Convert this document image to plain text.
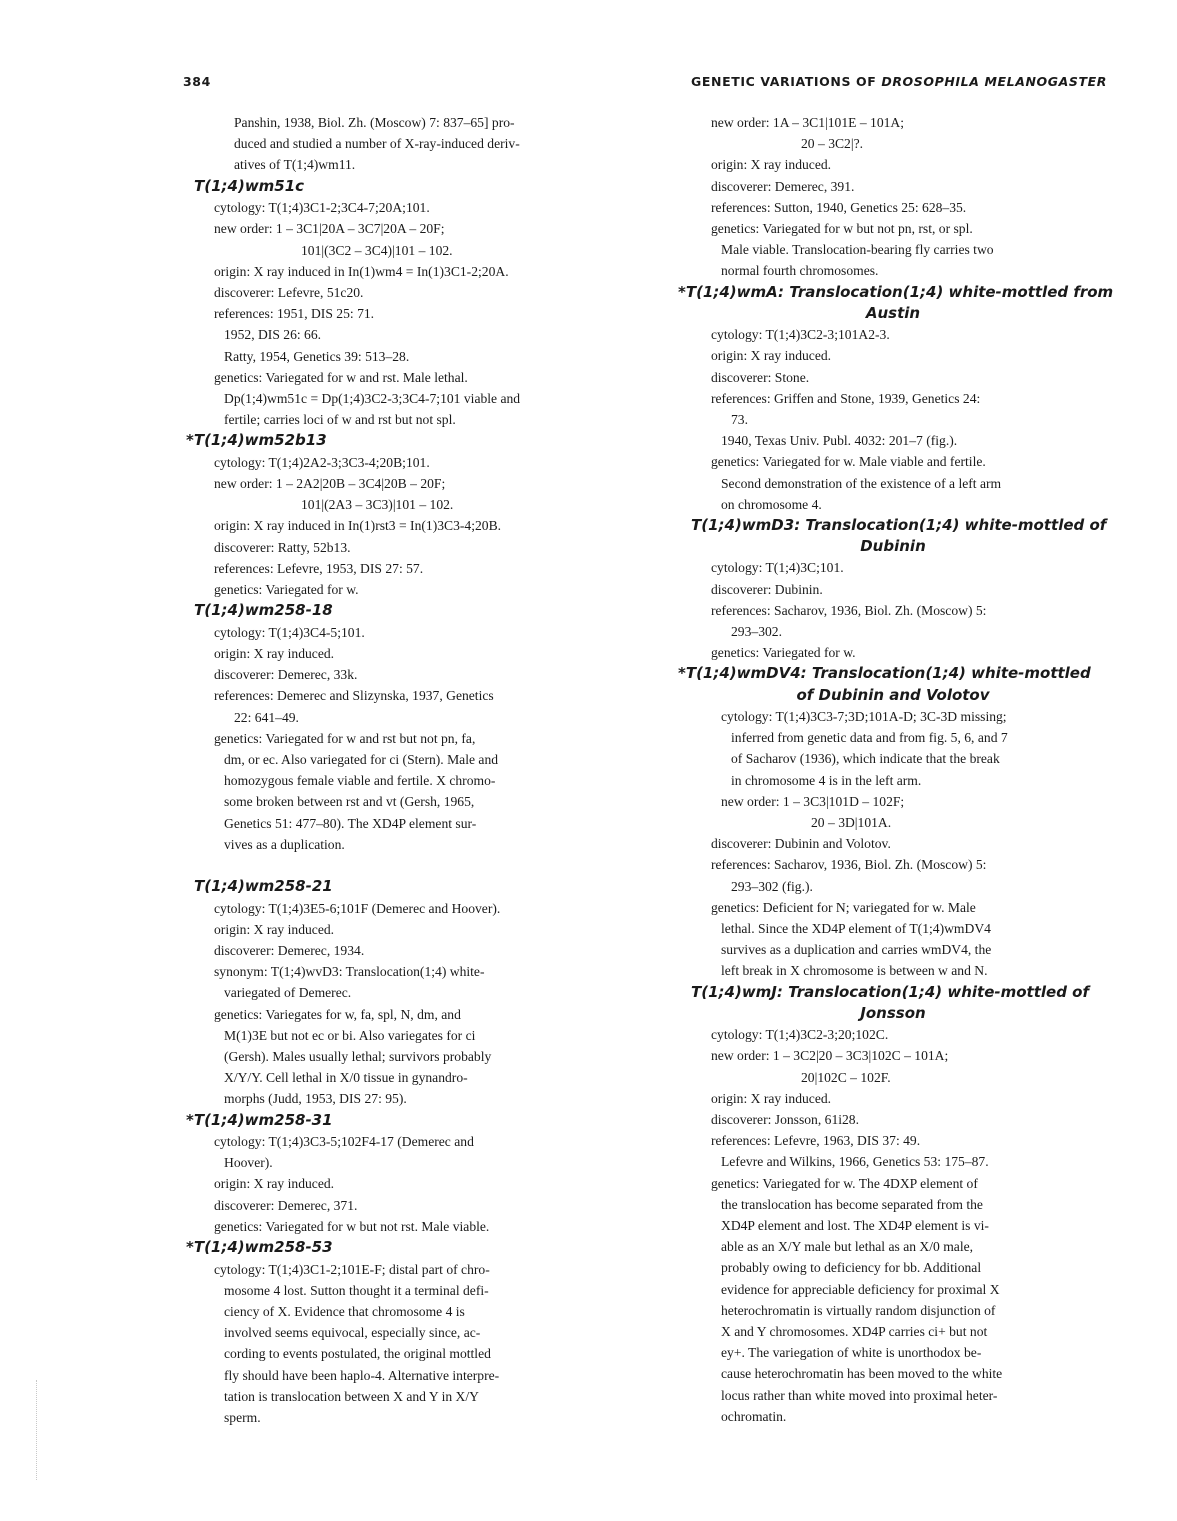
384	GENETIC VARIATIONS OF DROSOPHILA MELANOGASTER
Panshin, 1938, Biol. Zh. (Moscow) 7: 837–65] pro-
duced and studied a number of X-ray-induced deriv-
atives of T(1;4)wm11.
T(1;4)wm51c
cytology: T(1;4)3C1-2;3C4-7;20A;101.
new order: 1 – 3C1|20A – 3C7|20A – 20F;
101|(3C2 – 3C4)|101 – 102.
origin: X ray induced in In(1)wm4 = In(1)3C1-2;20A.
discoverer: Lefevre, 51c20.
references: 1951, DIS 25: 71.
1952, DIS 26: 66.
Ratty, 1954, Genetics 39: 513–28.
genetics: Variegated for w and rst. Male lethal.
Dp(1;4)wm51c = Dp(1;4)3C2-3;3C4-7;101 viable and
fertile; carries loci of w and rst but not spl.
*T(1;4)wm52b13
cytology: T(1;4)2A2-3;3C3-4;20B;101.
new order: 1 – 2A2|20B – 3C4|20B – 20F;
101|(2A3 – 3C3)|101 – 102.
origin: X ray induced in In(1)rst3 = In(1)3C3-4;20B.
discoverer: Ratty, 52b13.
references: Lefevre, 1953, DIS 27: 57.
genetics: Variegated for w.
T(1;4)wm258-18
cytology: T(1;4)3C4-5;101.
origin: X ray induced.
discoverer: Demerec, 33k.
references: Demerec and Slizynska, 1937, Genetics
22: 641–49.
genetics: Variegated for w and rst but not pn, fa,
dm, or ec. Also variegated for ci (Stern). Male and
homozygous female viable and fertile. X chromo-
some broken between rst and vt (Gersh, 1965,
Genetics 51: 477–80). The XD4P element sur-
vives as a duplication.
T(1;4)wm258-21
cytology: T(1;4)3E5-6;101F (Demerec and Hoover).
origin: X ray induced.
discoverer: Demerec, 1934.
synonym: T(1;4)wvD3: Translocation(1;4) white-
variegated of Demerec.
genetics: Variegates for w, fa, spl, N, dm, and
M(1)3E but not ec or bi. Also variegates for ci
(Gersh). Males usually lethal; survivors probably
X/Y/Y. Cell lethal in X/0 tissue in gynandro-
morphs (Judd, 1953, DIS 27: 95).
*T(1;4)wm258-31
cytology: T(1;4)3C3-5;102F4-17 (Demerec and
Hoover).
origin: X ray induced.
discoverer: Demerec, 371.
genetics: Variegated for w but not rst. Male viable.
*T(1;4)wm258-53
cytology: T(1;4)3C1-2;101E-F; distal part of chro-
mosome 4 lost. Sutton thought it a terminal defi-
ciency of X. Evidence that chromosome 4 is
involved seems equivocal, especially since, ac-
cording to events postulated, the original mottled
fly should have been haplo-4. Alternative interpre-
tation is translocation between X and Y in X/Y
sperm.
new order: 1A – 3C1|101E – 101A;
20 – 3C2|?.
origin: X ray induced.
discoverer: Demerec, 391.
references: Sutton, 1940, Genetics 25: 628–35.
genetics: Variegated for w but not pn, rst, or spl.
Male viable. Translocation-bearing fly carries two
normal fourth chromosomes.
*T(1;4)wmA: Translocation(1;4) white-mottled from
Austin
cytology: T(1;4)3C2-3;101A2-3.
origin: X ray induced.
discoverer: Stone.
references: Griffen and Stone, 1939, Genetics 24:
73.
1940, Texas Univ. Publ. 4032: 201–7 (fig.).
genetics: Variegated for w. Male viable and fertile.
Second demonstration of the existence of a left arm
on chromosome 4.
T(1;4)wmD3: Translocation(1;4) white-mottled of
Dubinin
cytology: T(1;4)3C;101.
discoverer: Dubinin.
references: Sacharov, 1936, Biol. Zh. (Moscow) 5:
293–302.
genetics: Variegated for w.
*T(1;4)wmDV4: Translocation(1;4) white-mottled
of Dubinin and Volotov
cytology: T(1;4)3C3-7;3D;101A-D; 3C-3D missing;
inferred from genetic data and from fig. 5, 6, and 7
of Sacharov (1936), which indicate that the break
in chromosome 4 is in the left arm.
new order: 1 – 3C3|101D – 102F;
20 – 3D|101A.
discoverer: Dubinin and Volotov.
references: Sacharov, 1936, Biol. Zh. (Moscow) 5:
293–302 (fig.).
genetics: Deficient for N; variegated for w. Male
lethal. Since the XD4P element of T(1;4)wmDV4
survives as a duplication and carries wmDV4, the
left break in X chromosome is between w and N.
T(1;4)wmJ: Translocation(1;4) white-mottled of
Jonsson
cytology: T(1;4)3C2-3;20;102C.
new order: 1 – 3C2|20 – 3C3|102C – 101A;
20|102C – 102F.
origin: X ray induced.
discoverer: Jonsson, 61i28.
references: Lefevre, 1963, DIS 37: 49.
Lefevre and Wilkins, 1966, Genetics 53: 175–87.
genetics: Variegated for w. The 4DXP element of
the translocation has become separated from the
XD4P element and lost. The XD4P element is vi-
able as an X/Y male but lethal as an X/0 male,
probably owing to deficiency for bb. Additional
evidence for appreciable deficiency for proximal X
heterochromatin is virtually random disjunction of
X and Y chromosomes. XD4P carries ci+ but not
ey+. The variegation of white is unorthodox be-
cause heterochromatin has been moved to the white
locus rather than white moved into proximal heter-
ochromatin.
